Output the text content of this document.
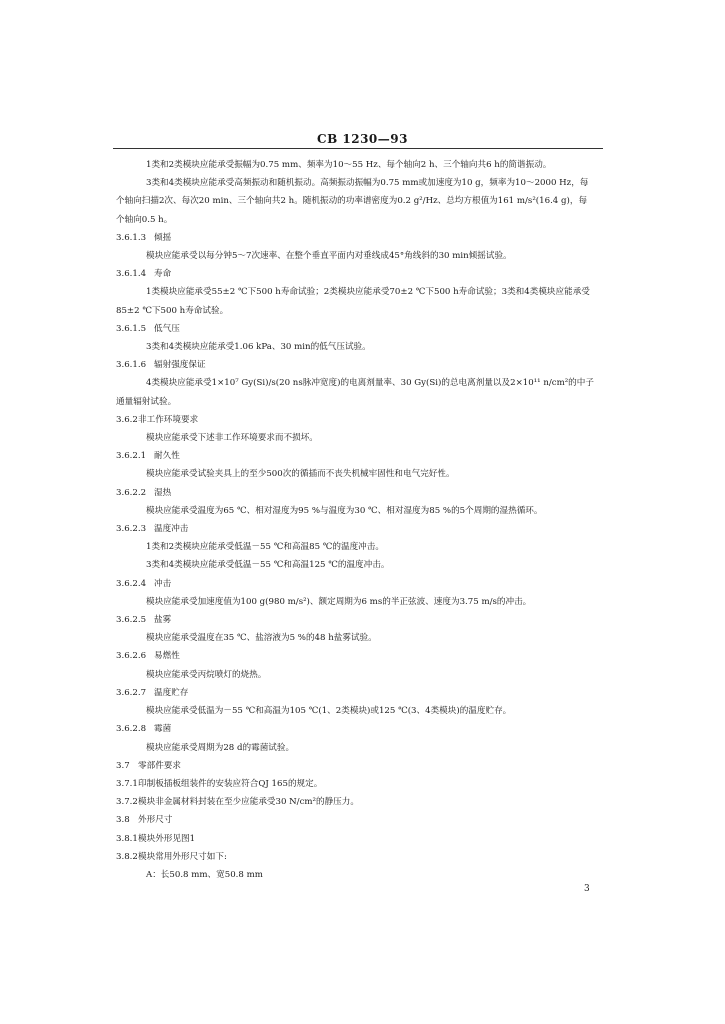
CB 1230—93

1类和2类模块应能承受振幅为0.75 mm、频率为10～55 Hz、每个轴向2 h、三个轴向共6 h的简谐振动。

3类和4类模块应能承受高频振动和随机振动。高频振动振幅为0.75 mm或加速度为10 g，频率为10～2000 Hz，每个轴向扫描2次、每次20 min、三个轴向共2 h。随机振动的功率谱密度为0.2 g²/Hz、总均方根值为161 m/s²(16.4 g)，每个轴向0.5 h。

3.6.1.3 倾摇

模块应能承受以每分钟5～7次速率、在整个垂直平面内对垂线成45°角线斜的30 min倾摇试验。

3.6.1.4 寿命

1类模块应能承受55±2 ℃下500 h寿命试验；2类模块应能承受70±2 ℃下500 h寿命试验；3类和4类模块应能承受85±2 ℃下500 h寿命试验。

3.6.1.5 低气压

3类和4类模块应能承受1.06 kPa、30 min的低气压试验。

3.6.1.6 辐射强度保证

4类模块应能承受1×10⁷ Gy(Si)/s(20 ns脉冲宽度)的电离剂量率、30 Gy(Si)的总电离剂量以及2×10¹¹ n/cm²的中子通量辐射试验。

3.6.2非工作环境要求

模块应能承受下述非工作环境要求而不损坏。

3.6.2.1 耐久性

模块应能承受试验夹具上的至少500次的循插而不丧失机械牢固性和电气完好性。

3.6.2.2 湿热

模块应能承受温度为65 ℃、相对湿度为95 %与温度为30 ℃、相对湿度为85 %的5个周期的湿热循环。

3.6.2.3 温度冲击

1类和2类模块应能承受低温－55 ℃和高温85 ℃的温度冲击。

3类和4类模块应能承受低温－55 ℃和高温125 ℃的温度冲击。

3.6.2.4 冲击

模块应能承受加速度值为100 g(980 m/s²)、额定周期为6 ms的半正弦波、速度为3.75 m/s的冲击。

3.6.2.5 盐雾

模块应能承受温度在35 ℃、盐溶液为5 %的48 h盐雾试验。

3.6.2.6 易燃性

模块应能承受丙烷喷灯的烧热。

3.6.2.7 温度贮存

模块应能承受低温为－55 ℃和高温为105 ℃(1、2类模块)或125 ℃(3、4类模块)的温度贮存。

3.6.2.8 霉菌

模块应能承受周期为28 d的霉菌试验。

3.7 零部件要求

3.7.1印制板插板组装件的安装应符合QJ 165的规定。

3.7.2模块非金属材料封装在至少应能承受30 N/cm²的静压力。

3.8 外形尺寸

3.8.1模块外形见图1

3.8.2模块常用外形尺寸如下:

A：长50.8 mm、宽50.8 mm

3
